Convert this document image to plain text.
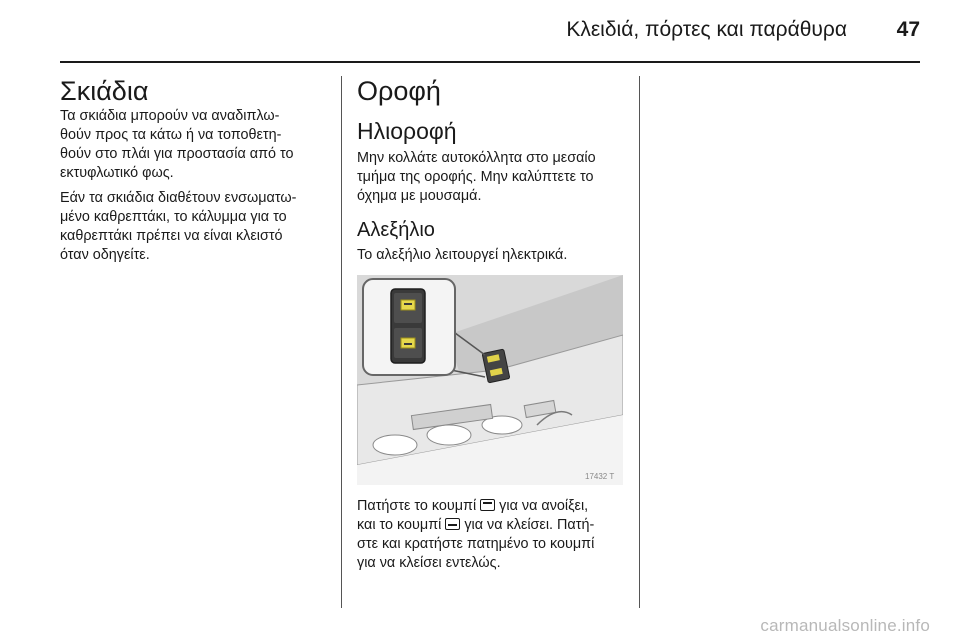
Κλειδιά, πόρτες και παράθυρα 47
Σκιάδια

Τα σκιάδια μπορούν να αναδιπλω-
θούν προς τα κάτω ή να τοποθετη-
θούν στο πλάι για προστασία από το
εκτυφλωτικό φως.

Εάν τα σκιάδια διαθέτουν ενσωματω-
μένο καθρεπτάκι, το κάλυμμα για το
καθρεπτάκι πρέπει να είναι κλειστό
όταν οδηγείτε.

Οροφή
Ηλιοροφή

Μην κολλάτε αυτοκόλλητα στο μεσαίο
τμήμα της οροφής. Μην καλύπτετε το
όχημα με μουσαμά.

Αλεξήλιο

Το αλεξήλιο λειτουργεί ηλεκτρικά.

17432 T

Πατήστε το κουμπί
για να ανοίξει,
και το κουμπί
για να κλείσει. Πατή-
στε και κρατήστε πατημένο το κουμπί
για να κλείσει εντελώς.

carmanualsonline.info
